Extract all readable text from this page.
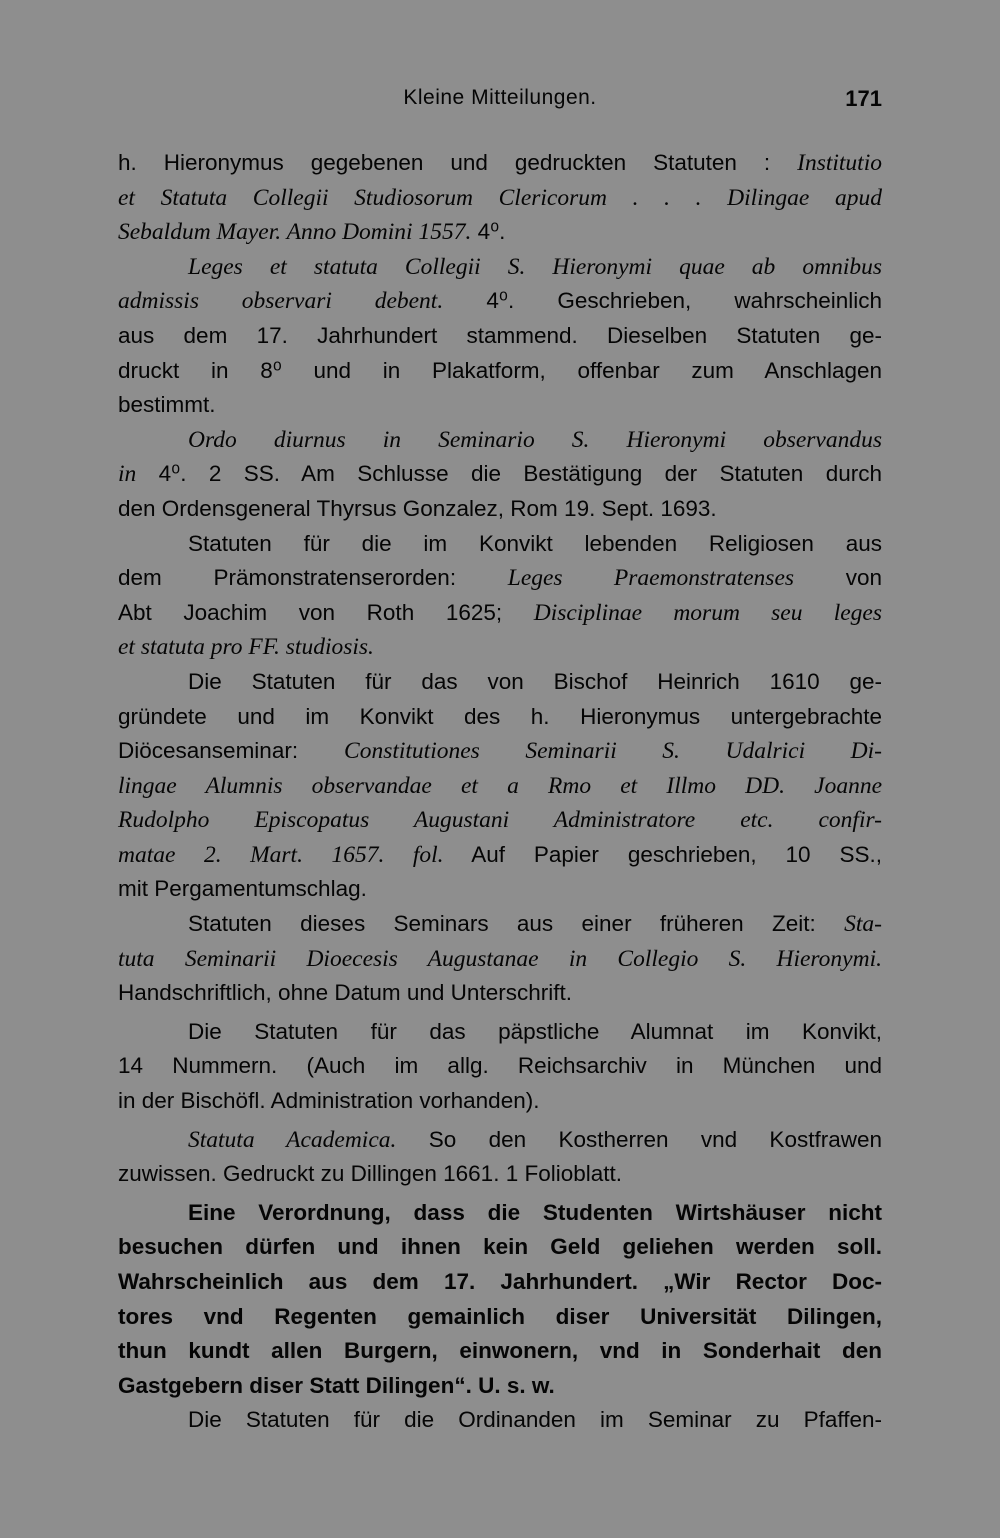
Kleine Mitteilungen.	171
h. Hieronymus gegebenen und gedruckten Statuten : Institutio
et Statuta Collegii Studiosorum Clericorum . . . Dilingae apud
Sebaldum Mayer. Anno Domini 1557. 4⁰.
Leges et statuta Collegii S. Hieronymi quae ab omnibus
admissis observari debent. 4⁰. Geschrieben, wahrscheinlich
aus dem 17. Jahrhundert stammend. Dieselben Statuten ge-
druckt in 8⁰ und in Plakatform, offenbar zum Anschlagen
bestimmt.
Ordo diurnus in Seminario S. Hieronymi observandus
in 4⁰. 2 SS. Am Schlusse die Bestätigung der Statuten durch
den Ordensgeneral Thyrsus Gonzalez, Rom 19. Sept. 1693.
Statuten für die im Konvikt lebenden Religiosen aus
dem Prämonstratenserorden: Leges Praemonstratenses von
Abt Joachim von Roth 1625; Disciplinae morum seu leges
et statuta pro FF. studiosis.
Die Statuten für das von Bischof Heinrich 1610 ge-
gründete und im Konvikt des h. Hieronymus untergebrachte
Diöcesanseminar: Constitutiones Seminarii S. Udalrici Di-
lingae Alumnis observandae et a Rmo et Illmo DD. Joanne
Rudolpho Episcopatus Augustani Administratore etc. confir-
matae 2. Mart. 1657. fol. Auf Papier geschrieben, 10 SS.,
mit Pergamentumschlag.
Statuten dieses Seminars aus einer früheren Zeit: Sta-
tuta Seminarii Dioecesis Augustanae in Collegio S. Hieronymi.
Handschriftlich, ohne Datum und Unterschrift.
Die Statuten für das päpstliche Alumnat im Konvikt,
14 Nummern. (Auch im allg. Reichsarchiv in München und
in der Bischöfl. Administration vorhanden).
Statuta Academica. So den Kostherren vnd Kostfrawen
zuwissen. Gedruckt zu Dillingen 1661. 1 Folioblatt.
Eine Verordnung, dass die Studenten Wirtshäuser nicht
besuchen dürfen und ihnen kein Geld geliehen werden soll.
Wahrscheinlich aus dem 17. Jahrhundert. „Wir Rector Doc-
tores vnd Regenten gemainlich diser Universität Dilingen,
thun kundt allen Burgern, einwonern, vnd in Sonderhait den
Gastgebern diser Statt Dilingen“. U. s. w.
Die Statuten für die Ordinanden im Seminar zu Pfaffen-
